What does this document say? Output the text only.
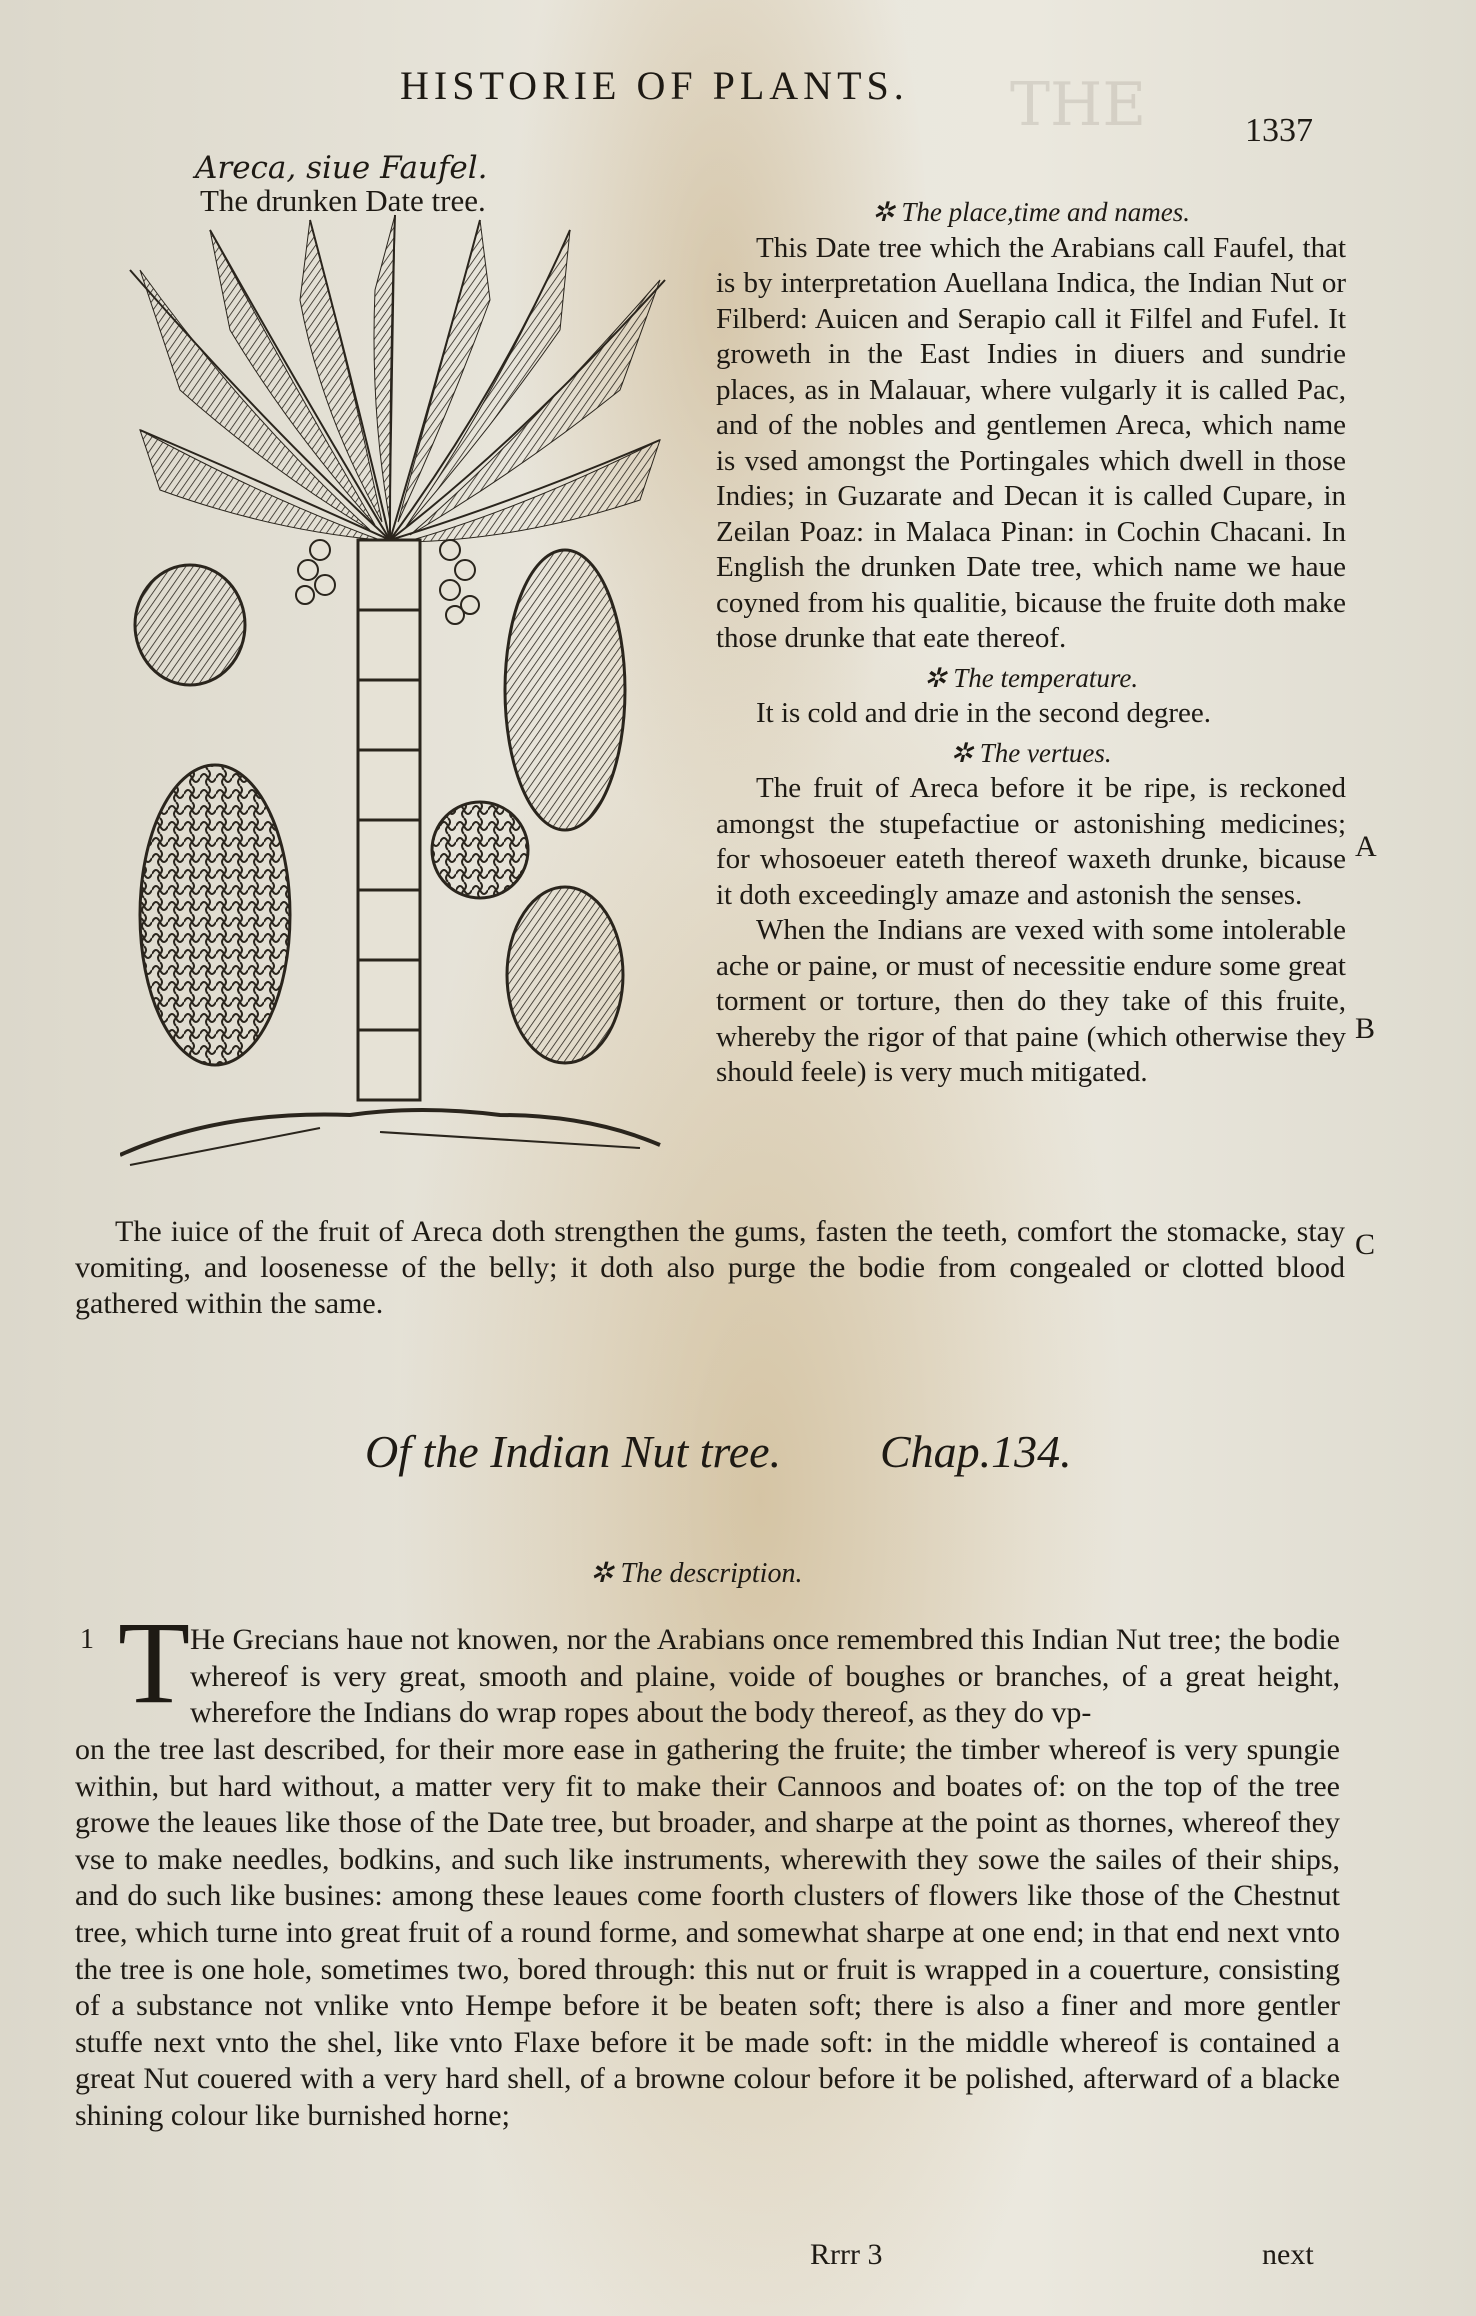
THE
HISTORIE OF PLANTS.
1337
Areca, siue Faufel.
The drunken Date tree.	✲ The place,time and names.

This Date tree which the Arabians call Faufel, that is by interpretation Auellana Indica, the Indian Nut or Filberd: Auicen and Serapio call it Filfel and Fufel. It groweth in the East Indies in diuers and sundrie places, as in Malauar, where vulgarly it is called Pac, and of the nobles and gentlemen Areca, which name is vsed amongst the Portingales which dwell in those Indies; in Guzarate and Decan it is called Cupare, in Zeilan Poaz: in Malaca Pinan: in Cochin Chacani. In English the drunken Date tree, which name we haue coyned from his qualitie, bicause the fruite doth make those drunke that eate thereof.

✲ The temperature.

It is cold and drie in the second degree.

✲ The vertues.

The fruit of Areca before it be ripe, is reckoned amongst the stupefactiue or astonishing medicines; for whosoeuer eateth thereof waxeth drunke, bicause it doth exceedingly amaze and astonish the senses.

When the Indians are vexed with some intolerable ache or paine, or must of necessitie endure some great torment or torture, then do they take of this fruite, whereby the rigor of that paine (which otherwise they should feele) is very much mitigated.

A
B
C
The iuice of the fruit of Areca doth strengthen the gums, fasten the teeth, comfort the stomacke, stay vomiting, and loosenesse of the belly; it doth also purge the bodie from congealed or clotted blood gathered within the same.
Of the Indian Nut tree. Chap.134.
✲ The description.
1 T He Grecians haue not knowen, nor the Arabians once remembred this Indian Nut tree; the bodie whereof is very great, smooth and plaine, voide of boughes or branches, of a great height, wherefore the Indians do wrap ropes about the body thereof, as they do vp-
on the tree last described, for their more ease in gathering the fruite; the timber whereof is very spungie within, but hard without, a matter very fit to make their Cannoos and boates of: on the top of the tree growe the leaues like those of the Date tree, but broader, and sharpe at the point as thornes, whereof they vse to make needles, bodkins, and such like instruments, wherewith they sowe the sailes of their ships, and do such like busines: among these leaues come foorth clusters of flowers like those of the Chestnut tree, which turne into great fruit of a round forme, and somewhat sharpe at one end; in that end next vnto the tree is one hole, sometimes two, bored through: this nut or fruit is wrapped in a couerture, consisting of a substance not vnlike vnto Hempe before it be beaten soft; there is also a finer and more gentler stuffe next vnto the shel, like vnto Flaxe before it be made soft: in the middle whereof is contained a great Nut couered with a very hard shell, of a browne colour before it be polished, afterward of a blacke shining colour like burnished horne;
Rrrr 3	next
